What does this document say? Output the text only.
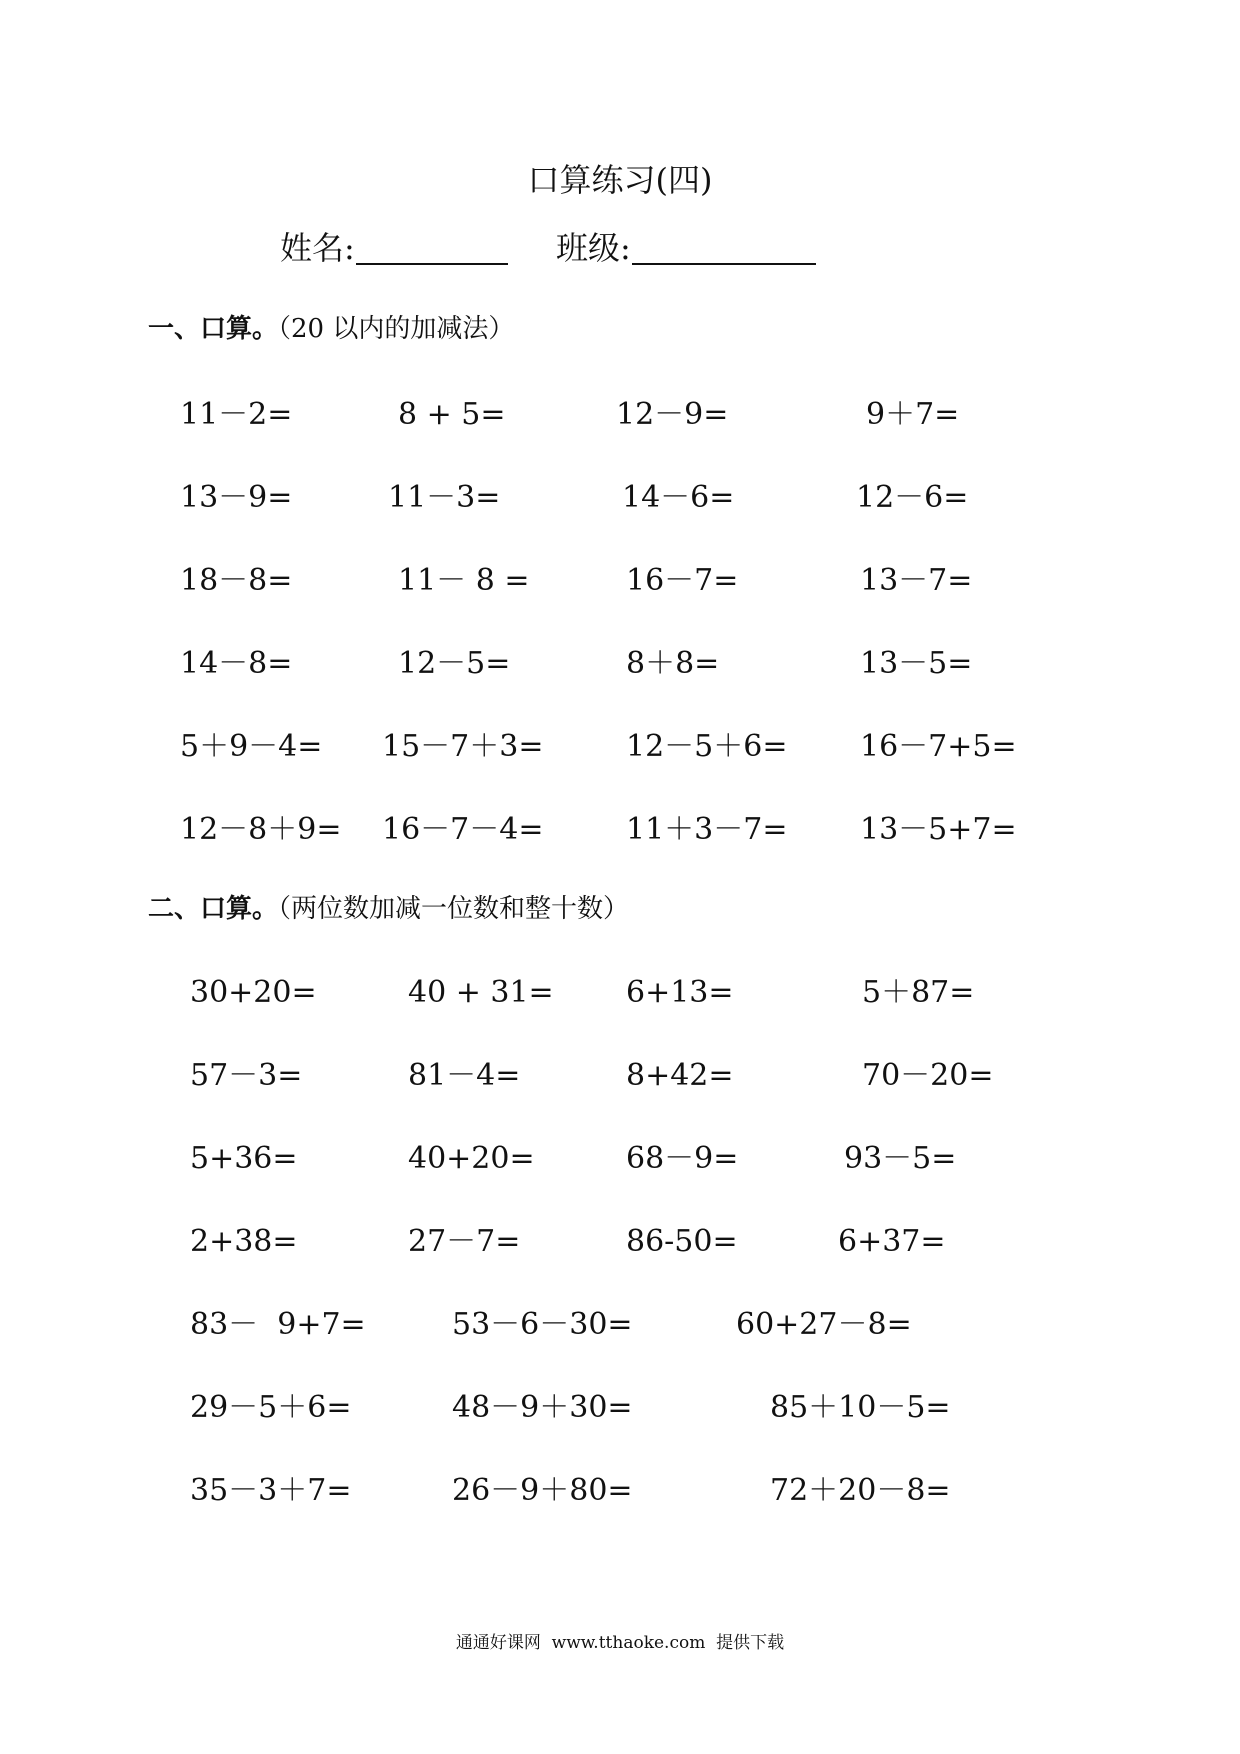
口算练习(四)
姓名:	班级:
一、口算。（20 以内的加减法）
11－2=	8 + 5=	12－9=	9＋7=
13－9=	11－3=	14－6=	12－6=
18－8=	11－ 8 =	16－7=	13－7=
14－8=	12－5=	8＋8=	13－5=
5＋9－4= 15－7＋3=	12－5＋6= 16－7+5=
12－8＋9= 16－7－4=	11＋3－7= 13－5+7=
二、口算。（两位数加减一位数和整十数）
30+20=	40 + 31= 6+13=	5＋87=
57－3=	81－4=	8+42=	70－20=
5+36=	40+20=	68－9=	93－5=
2+38=	27－7=	86-50=	6+37=
83－  9+7=	53－6－30=	60+27－8=
29－5＋6=	48－9＋30=	85＋10－5=
35－3＋7=	26－9＋80=	72＋20－8=
通通好课网  www.tthaoke.com  提供下载
